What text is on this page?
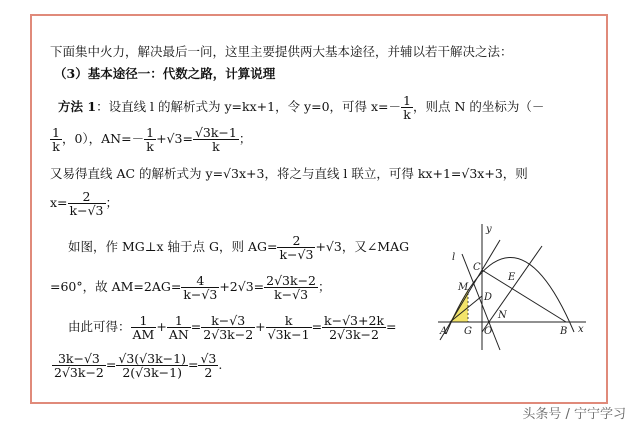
下面集中火力，解决最后一问，这里主要提供两大基本途径，并辅以若干解决之法：
（3）基本途径一：代数之路，计算说理
方法 1：设直线 l 的解析式为 y=kx+1，令 y=0，可得 $x=- \frac{1}{k}$ ，则点 N 的坐标为（－
$\frac{1}{k}$ ，0），$AN=- \frac{1}{k} +√3= \frac{√3k-1}{k}$ ；
又易得直线 AC 的解析式为 y=√3x+3，将之与直线 l 联立，可得 kx+1=√3x+3，则
$x= \frac{2}{k-√3}$ ；
如图，作 MG⊥x 轴于点 G，则 $AG= \frac{2}{k-√3} +√3$，又∠MAG
=60°，故 $AM=2AG= \frac{4}{k-√3} +2√3= \frac{2√3k-2}{k-√3}$ ；
由此可得： $\frac{1}{AM} + \frac{1}{AN} = \frac{k-√3}{2√3k-2} + \frac{k}{√3k-1} = \frac{k-√3+2k}{2√3k-2}$ =
$\frac{3k-√3}{2√3k-2} = \frac{√3(√3k-1)}{2(√3k-1)} = \frac{√3}{2}$ .
l
y
C
E
M
D
A G O
N
B x
头条号 / 宁宁学习
